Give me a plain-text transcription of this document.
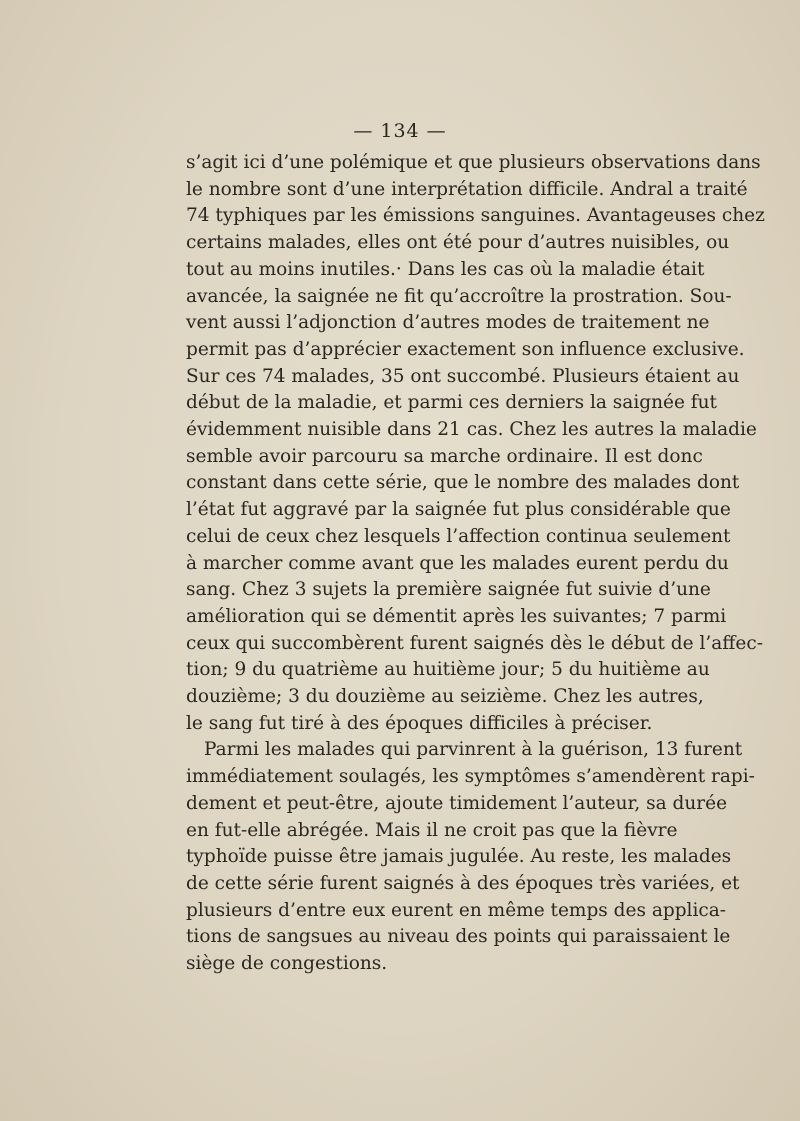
— 134 —
s’agit ici d’une polémique et que plusieurs observations dans
le nombre sont d’une interprétation difficile. Andral a traité
74 typhiques par les émissions sanguines. Avantageuses chez
certains malades, elles ont été pour d’autres nuisibles, ou
tout au moins inutiles.· Dans les cas où la maladie était
avancée, la saignée ne fit qu’accroître la prostration. Sou-
vent aussi l’adjonction d’autres modes de traitement ne
permit pas d’apprécier exactement son influence exclusive.
Sur ces 74 malades, 35 ont succombé. Plusieurs étaient au
début de la maladie, et parmi ces derniers la saignée fut
évidemment nuisible dans 21 cas. Chez les autres la maladie
semble avoir parcouru sa marche ordinaire. Il est donc
constant dans cette série, que le nombre des malades dont
l’état fut aggravé par la saignée fut plus considérable que
celui de ceux chez lesquels l’affection continua seulement
à marcher comme avant que les malades eurent perdu du
sang. Chez 3 sujets la première saignée fut suivie d’une
amélioration qui se démentit après les suivantes; 7 parmi
ceux qui succombèrent furent saignés dès le début de l’affec-
tion; 9 du quatrième au huitième jour; 5 du huitième au
douzième; 3 du douzième au seizième. Chez les autres,
le sang fut tiré à des époques difficiles à préciser.
Parmi les malades qui parvinrent à la guérison, 13 furent
immédiatement soulagés, les symptômes s’amendèrent rapi-
dement et peut-être, ajoute timidement l’auteur, sa durée
en fut-elle abrégée. Mais il ne croit pas que la fièvre
typhoïde puisse être jamais jugulée. Au reste, les malades
de cette série furent saignés à des époques très variées, et
plusieurs d’entre eux eurent en même temps des applica-
tions de sangsues au niveau des points qui paraissaient le
siège de congestions.
